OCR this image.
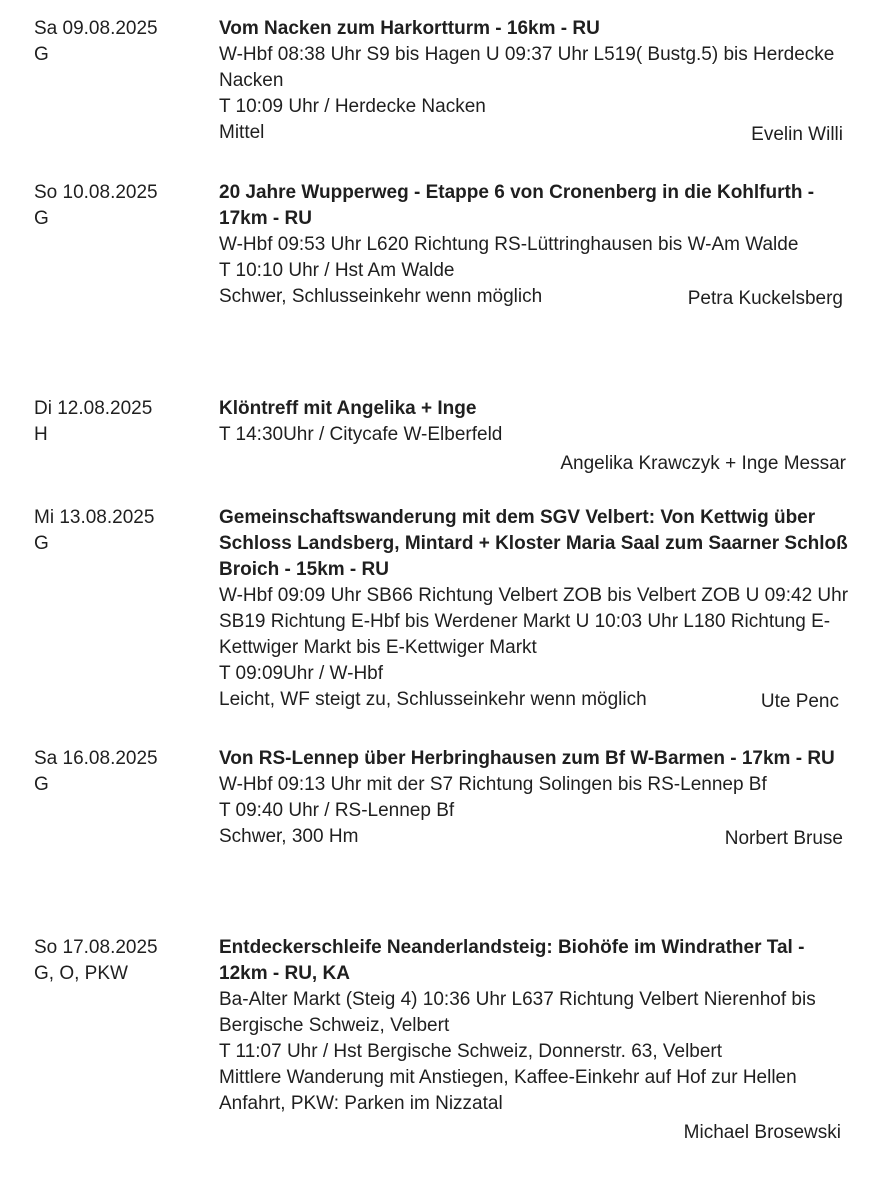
Sa 09.08.2025
G
Vom Nacken zum Harkortturm - 16km - RU
W-Hbf 08:38 Uhr S9 bis Hagen U 09:37 Uhr L519( Bustg.5) bis Herdecke Nacken
T 10:09 Uhr / Herdecke Nacken
Mittel	Evelin Willi
So 10.08.2025
G
20 Jahre Wupperweg - Etappe 6 von Cronenberg in die Kohlfurth - 17km - RU
W-Hbf 09:53 Uhr L620 Richtung RS-Lüttringhausen bis W-Am Walde
T 10:10 Uhr / Hst Am Walde
Schwer, Schlusseinkehr wenn möglich	Petra Kuckelsberg
Di 12.08.2025
H
Klöntreff mit Angelika + Inge
T 14:30Uhr / Citycafe W-Elberfeld
Angelika Krawczyk + Inge Messar
Mi 13.08.2025
G
Gemeinschaftswanderung mit dem SGV Velbert: Von Kettwig über Schloss Landsberg, Mintard + Kloster Maria Saal zum Saarner Schloß Broich - 15km - RU
W-Hbf 09:09 Uhr SB66 Richtung Velbert ZOB bis Velbert ZOB U 09:42 Uhr SB19 Richtung E-Hbf bis Werdener Markt U 10:03 Uhr L180 Richtung E-Kettwiger Markt bis E-Kettwiger Markt
T 09:09Uhr / W-Hbf
Leicht, WF steigt zu, Schlusseinkehr wenn möglich	Ute Penc
Sa 16.08.2025
G
Von RS-Lennep über Herbringhausen zum Bf W-Barmen - 17km - RU
W-Hbf 09:13 Uhr mit der S7 Richtung Solingen bis RS-Lennep Bf
T 09:40 Uhr / RS-Lennep Bf
Schwer, 300 Hm	Norbert Bruse
So 17.08.2025
G, O, PKW
Entdeckerschleife Neanderlandsteig: Biohöfe im Windrather Tal - 12km - RU, KA
Ba-Alter Markt (Steig 4) 10:36 Uhr L637 Richtung Velbert Nierenhof bis Bergische Schweiz, Velbert
T 11:07 Uhr / Hst Bergische Schweiz, Donnerstr. 63, Velbert
Mittlere Wanderung mit Anstiegen, Kaffee-Einkehr auf Hof zur Hellen Anfahrt, PKW: Parken im Nizzatal
Michael Brosewski
